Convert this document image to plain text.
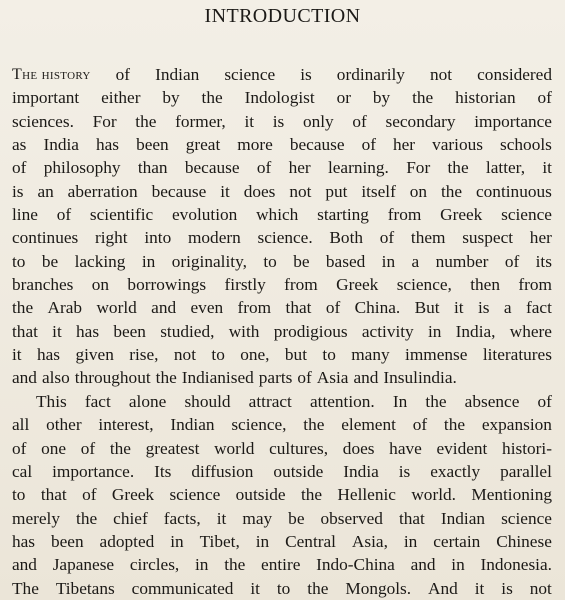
INTRODUCTION
The history of Indian science is ordinarily not considered
important either by the Indologist or by the historian of
sciences. For the former, it is only of secondary importance
as India has been great more because of her various schools
of philosophy than because of her learning. For the latter, it
is an aberration because it does not put itself on the continuous
line of scientific evolution which starting from Greek science
continues right into modern science. Both of them suspect her
to be lacking in originality, to be based in a number of its
branches on borrowings firstly from Greek science, then from
the Arab world and even from that of China. But it is a fact
that it has been studied, with prodigious activity in India, where
it has given rise, not to one, but to many immense literatures
and also throughout the Indianised parts of Asia and Insulindia.
This fact alone should attract attention. In the absence of
all other interest, Indian science, the element of the expansion
of one of the greatest world cultures, does have evident histori-
cal importance. Its diffusion outside India is exactly parallel
to that of Greek science outside the Hellenic world. Mentioning
merely the chief facts, it may be observed that Indian science
has been adopted in Tibet, in Central Asia, in certain Chinese
and Japanese circles, in the entire Indo-China and in Indonesia.
The Tibetans communicated it to the Mongols. And it is not
